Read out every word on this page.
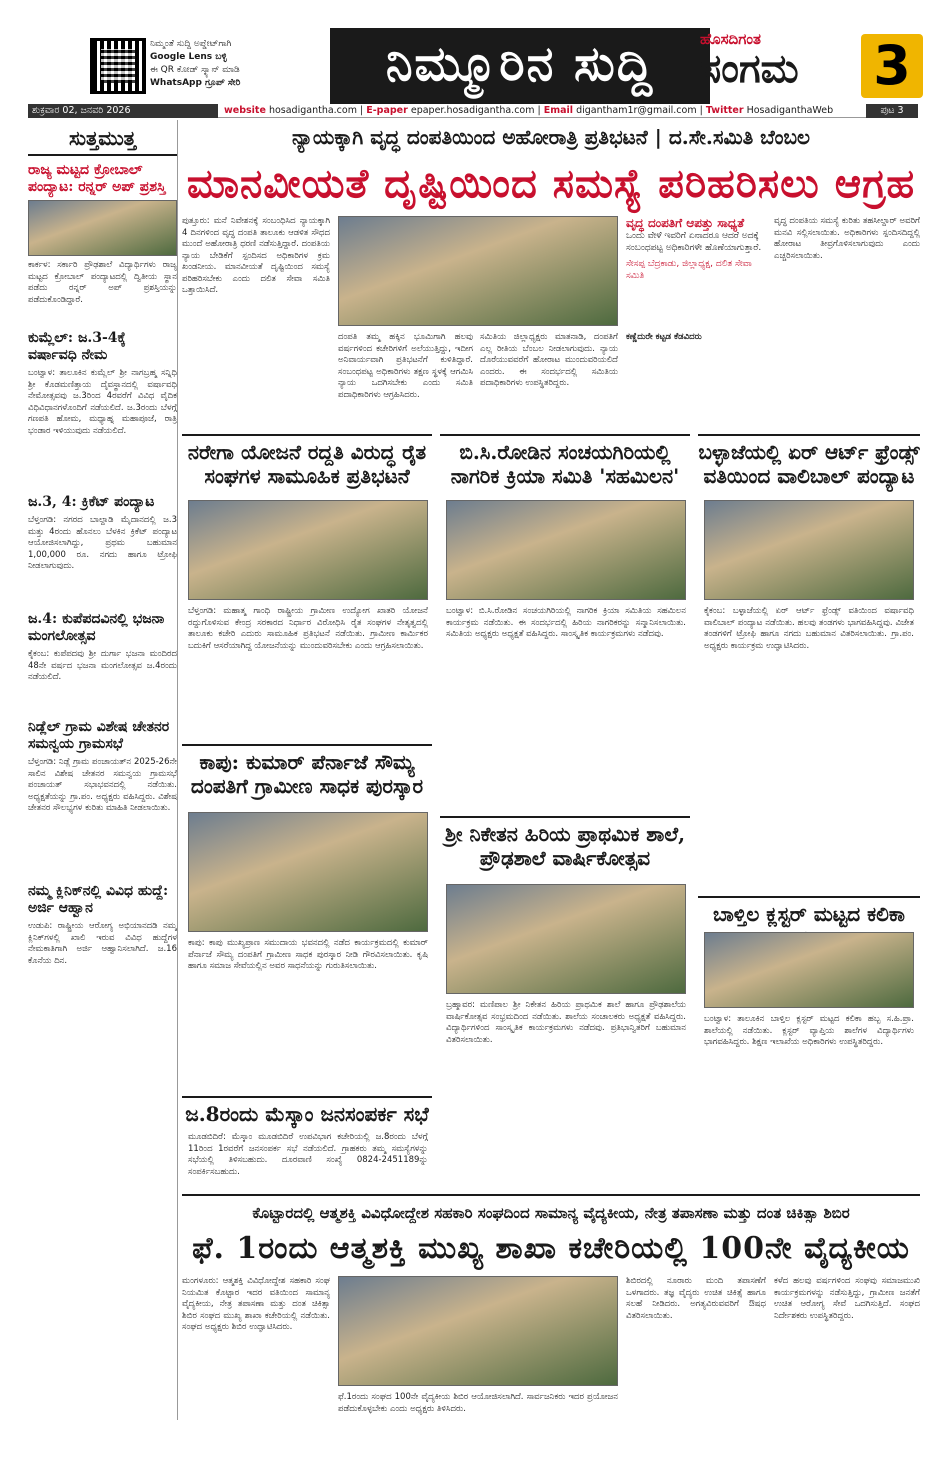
ನಿಮ್ಮಂತೆ ಸುದ್ದಿ ಅಪ್ಡೇಟ್‌ಗಾಗಿ
Google Lens ಬಳ್ಳಿ
ಈ QR ಕೋಡ್ ಸ್ಕ್ಯಾನ್ ಮಾಡಿ
WhatsApp ಗ್ರೂಪ್ ಸೇರಿ	ನಿಮ್ಮೂರಿನ ಸುದ್ದಿ	ಹೊಸದಿಗಂತ
ಸಂಗಮ	3
ಶುಕ್ರವಾರ 02, ಜನವರಿ 2026	website hosadigantha.com | E-paper epaper.hosadigantha.com | Email digantham1r@gmail.com | Twitter HosadiganthaWeb	ಪುಟ 3
ಸುತ್ತಮುತ್ತ
ರಾಜ್ಯ ಮಟ್ಟದ ಕ್ರೋಬಾಲ್ ಪಂದ್ಯಾಟ: ರನ್ನರ್ ಅಪ್ ಪ್ರಶಸ್ತಿ
ಕಾರ್ಕಳ: ಸರ್ಕಾರಿ ಪ್ರೌಢಶಾಲೆ ವಿದ್ಯಾರ್ಥಿಗಳು ರಾಜ್ಯ ಮಟ್ಟದ ಕ್ರೋಬಾಲ್ ಪಂದ್ಯಾಟದಲ್ಲಿ ದ್ವಿತೀಯ ಸ್ಥಾನ ಪಡೆದು ರನ್ನರ್ ಅಪ್ ಪ್ರಶಸ್ತಿಯನ್ನು ಪಡೆದುಕೊಂಡಿದ್ದಾರೆ.
ಕುಮ್ಲೆಲ್: ಜ.3-4ಕ್ಕೆ ವರ್ಷಾವಧಿ ನೇಮ
ಬಂಟ್ವಾಳ: ತಾಲೂಕಿನ ಕುಮ್ಲೆಲ್ ಶ್ರೀ ನಾಗಬ್ರಹ್ಮ ಸನ್ನಿಧಿ ಶ್ರೀ ಕೊಡಮಣಿತ್ತಾಯ ದೈವಸ್ಥಾನದಲ್ಲಿ ವರ್ಷಾವಧಿ ನೇಮೋತ್ಸವವು ಜ.3ರಿಂದ 4ರವರೆಗೆ ವಿವಿಧ ವೈದಿಕ ವಿಧಿವಿಧಾನಗಳೊಂದಿಗೆ ನಡೆಯಲಿದೆ. ಜ.3ರಂದು ಬೆಳಗ್ಗೆ ಗಣಪತಿ ಹೋಮ, ಮಧ್ಯಾಹ್ನ ಮಹಾಪೂಜೆ, ರಾತ್ರಿ ಭಂಡಾರ ಇಳಿಯುವುದು ನಡೆಯಲಿದೆ.
ಜ.3, 4: ಕ್ರಿಕೆಟ್ ಪಂದ್ಯಾಟ
ಬೆಳ್ತಂಗಡಿ: ನಗರದ ಬಾಲ್ದಾಡಿ ಮೈದಾನದಲ್ಲಿ ಜ.3 ಮತ್ತು 4ರಂದು ಹೊನಲು ಬೆಳಕಿನ ಕ್ರಿಕೆಟ್ ಪಂದ್ಯಾಟ ಆಯೋಜಿಸಲಾಗಿದ್ದು, ಪ್ರಥಮ ಬಹುಮಾನ 1,00,000 ರೂ. ನಗದು ಹಾಗೂ ಟ್ರೋಫಿ ನೀಡಲಾಗುವುದು.
ಜ.4: ಕುಪೆಪದವಿನಲ್ಲಿ ಭಜನಾ ಮಂಗಲೋತ್ಸವ
ಕೈಕಂಬ: ಕುಪೆಪದವು ಶ್ರೀ ದುರ್ಗಾ ಭಜನಾ ಮಂದಿರದ 48ನೇ ವರ್ಷದ ಭಜನಾ ಮಂಗಲೋತ್ಸವ ಜ.4ರಂದು ನಡೆಯಲಿದೆ.
ನಿಡ್ಲೆಲ್ ಗ್ರಾಮ ವಿಶೇಷ ಚೇತನರ ಸಮನ್ವಯ ಗ್ರಾಮಸಭೆ
ಬೆಳ್ತಂಗಡಿ: ನಿಡ್ಲೆ ಗ್ರಾಮ ಪಂಚಾಯತ್‌ನ 2025-26ನೇ ಸಾಲಿನ ವಿಶೇಷ ಚೇತನರ ಸಮನ್ವಯ ಗ್ರಾಮಸಭೆ ಪಂಚಾಯತ್ ಸಭಾಭವನದಲ್ಲಿ ನಡೆಯಿತು. ಅಧ್ಯಕ್ಷತೆಯನ್ನು ಗ್ರಾ.ಪಂ. ಅಧ್ಯಕ್ಷರು ವಹಿಸಿದ್ದರು. ವಿಶೇಷ ಚೇತನರ ಸೌಲಭ್ಯಗಳ ಕುರಿತು ಮಾಹಿತಿ ನೀಡಲಾಯಿತು.
ನಮ್ಮ ಕ್ಲಿನಿಕ್‌ನಲ್ಲಿ ವಿವಿಧ ಹುದ್ದೆ: ಅರ್ಜಿ ಆಹ್ವಾನ
ಉಡುಪಿ: ರಾಷ್ಟ್ರೀಯ ಆರೋಗ್ಯ ಅಭಿಯಾನದಡಿ ನಮ್ಮ ಕ್ಲಿನಿಕ್‌ಗಳಲ್ಲಿ ಖಾಲಿ ಇರುವ ವಿವಿಧ ಹುದ್ದೆಗಳ ನೇಮಕಾತಿಗಾಗಿ ಅರ್ಜಿ ಆಹ್ವಾನಿಸಲಾಗಿದೆ. ಜ.16 ಕೊನೆಯ ದಿನ.
ನ್ಯಾಯಕ್ಕಾಗಿ ವೃದ್ಧ ದಂಪತಿಯಿಂದ ಅಹೋರಾತ್ರಿ ಪ್ರತಿಭಟನೆ | ದ.ಸೇ.ಸಮಿತಿ ಬೆಂಬಲ
ಮಾನವೀಯತೆ ದೃಷ್ಟಿಯಿಂದ ಸಮಸ್ಯೆ ಪರಿಹರಿಸಲು ಆಗ್ರಹ
ಪುತ್ತೂರು: ಮನೆ ನಿವೇಶನಕ್ಕೆ ಸಂಬಂಧಿಸಿದ ನ್ಯಾಯಕ್ಕಾಗಿ 4 ದಿನಗಳಿಂದ ವೃದ್ಧ ದಂಪತಿ ತಾಲೂಕು ಆಡಳಿತ ಸೌಧದ ಮುಂದೆ ಅಹೋರಾತ್ರಿ ಧರಣಿ ನಡೆಸುತ್ತಿದ್ದಾರೆ. ದಂಪತಿಯ ನ್ಯಾಯ ಬೇಡಿಕೆಗೆ ಸ್ಪಂದಿಸದ ಅಧಿಕಾರಿಗಳ ಕ್ರಮ ಖಂಡನೀಯ. ಮಾನವೀಯತೆ ದೃಷ್ಟಿಯಿಂದ ಸಮಸ್ಯೆ ಪರಿಹರಿಸಬೇಕು ಎಂದು ದಲಿತ ಸೇವಾ ಸಮಿತಿ ಒತ್ತಾಯಿಸಿದೆ.
ವೃದ್ಧ ದಂಪತಿಗೆ ಆಪತ್ತು ಸಾಧ್ಯತೆ
ಒಂದು ವೇಳೆ ಇವರಿಗೆ ಏನಾದರೂ ಆದರೆ ಅದಕ್ಕೆ ಸಂಬಂಧಪಟ್ಟ ಅಧಿಕಾರಿಗಳೇ ಹೊಣೆಯಾಗುತ್ತಾರೆ.
ಸೇಸಪ್ಪ ಬೆದ್ರಕಾಡು, ಜಿಲ್ಲಾಧ್ಯಕ್ಷ, ದಲಿತ ಸೇವಾ ಸಮಿತಿ
ವೃದ್ಧ ದಂಪತಿಯ ಸಮಸ್ಯೆ ಕುರಿತು ತಹಸೀಲ್ದಾರ್ ಅವರಿಗೆ ಮನವಿ ಸಲ್ಲಿಸಲಾಯಿತು. ಅಧಿಕಾರಿಗಳು ಸ್ಪಂದಿಸದಿದ್ದಲ್ಲಿ ಹೋರಾಟ ತೀವ್ರಗೊಳಿಸಲಾಗುವುದು ಎಂದು ಎಚ್ಚರಿಸಲಾಯಿತು.
ದಂಪತಿ ತಮ್ಮ ಹಕ್ಕಿನ ಭೂಮಿಗಾಗಿ ಹಲವು ವರ್ಷಗಳಿಂದ ಕಚೇರಿಗಳಿಗೆ ಅಲೆಯುತ್ತಿದ್ದು, ಇದೀಗ ಅನಿವಾರ್ಯವಾಗಿ ಪ್ರತಿಭಟನೆಗೆ ಕುಳಿತಿದ್ದಾರೆ. ಸಂಬಂಧಪಟ್ಟ ಅಧಿಕಾರಿಗಳು ತಕ್ಷಣ ಸ್ಥಳಕ್ಕೆ ಆಗಮಿಸಿ ನ್ಯಾಯ ಒದಗಿಸಬೇಕು ಎಂದು ಸಮಿತಿ ಪದಾಧಿಕಾರಿಗಳು ಆಗ್ರಹಿಸಿದರು.
ಸಮಿತಿಯ ಜಿಲ್ಲಾಧ್ಯಕ್ಷರು ಮಾತನಾಡಿ, ದಂಪತಿಗೆ ಎಲ್ಲ ರೀತಿಯ ಬೆಂಬಲ ನೀಡಲಾಗುವುದು. ನ್ಯಾಯ ದೊರೆಯುವವರೆಗೆ ಹೋರಾಟ ಮುಂದುವರಿಯಲಿದೆ ಎಂದರು. ಈ ಸಂದರ್ಭದಲ್ಲಿ ಸಮಿತಿಯ ಪದಾಧಿಕಾರಿಗಳು ಉಪಸ್ಥಿತರಿದ್ದರು.
ಕಣ್ಣೆದುರೇ ಕಟ್ಟಡ ಕೆಡವಿದರು
ನರೇಗಾ ಯೋಜನೆ ರದ್ದತಿ ವಿರುದ್ಧ ರೈತ ಸಂಘಗಳ ಸಾಮೂಹಿಕ ಪ್ರತಿಭಟನೆ
ಬೆಳ್ತಂಗಡಿ: ಮಹಾತ್ಮ ಗಾಂಧಿ ರಾಷ್ಟ್ರೀಯ ಗ್ರಾಮೀಣ ಉದ್ಯೋಗ ಖಾತರಿ ಯೋಜನೆ ರದ್ದುಗೊಳಿಸುವ ಕೇಂದ್ರ ಸರಕಾರದ ನಿರ್ಧಾರ ವಿರೋಧಿಸಿ ರೈತ ಸಂಘಗಳ ನೇತೃತ್ವದಲ್ಲಿ ತಾಲೂಕು ಕಚೇರಿ ಎದುರು ಸಾಮೂಹಿಕ ಪ್ರತಿಭಟನೆ ನಡೆಯಿತು. ಗ್ರಾಮೀಣ ಕಾರ್ಮಿಕರ ಬದುಕಿಗೆ ಆಸರೆಯಾಗಿದ್ದ ಯೋಜನೆಯನ್ನು ಮುಂದುವರಿಸಬೇಕು ಎಂದು ಆಗ್ರಹಿಸಲಾಯಿತು.
ಬಿ.ಸಿ.ರೋಡಿನ ಸಂಚಯಗಿರಿಯಲ್ಲಿ ನಾಗರಿಕ ಕ್ರಿಯಾ ಸಮಿತಿ 'ಸಹಮಿಲನ'
ಬಂಟ್ವಾಳ: ಬಿ.ಸಿ.ರೋಡಿನ ಸಂಚಯಗಿರಿಯಲ್ಲಿ ನಾಗರಿಕ ಕ್ರಿಯಾ ಸಮಿತಿಯ ಸಹಮಿಲನ ಕಾರ್ಯಕ್ರಮ ನಡೆಯಿತು. ಈ ಸಂದರ್ಭದಲ್ಲಿ ಹಿರಿಯ ನಾಗರಿಕರನ್ನು ಸನ್ಮಾನಿಸಲಾಯಿತು. ಸಮಿತಿಯ ಅಧ್ಯಕ್ಷರು ಅಧ್ಯಕ್ಷತೆ ವಹಿಸಿದ್ದರು. ಸಾಂಸ್ಕೃತಿಕ ಕಾರ್ಯಕ್ರಮಗಳು ನಡೆದವು.
ಬಳ್ಳಾಜೆಯಲ್ಲಿ ಏರ್ ಆರ್ಟ್ ಫ್ರೆಂಡ್ಸ್ ವತಿಯಿಂದ ವಾಲಿಬಾಲ್ ಪಂದ್ಯಾಟ
ಕೈಕಂಬ: ಬಳ್ಳಾಜೆಯಲ್ಲಿ ಏರ್ ಆರ್ಟ್ ಫ್ರೆಂಡ್ಸ್ ವತಿಯಿಂದ ವರ್ಷಾವಧಿ ವಾಲಿಬಾಲ್ ಪಂದ್ಯಾಟ ನಡೆಯಿತು. ಹಲವು ತಂಡಗಳು ಭಾಗವಹಿಸಿದ್ದವು. ವಿಜೇತ ತಂಡಗಳಿಗೆ ಟ್ರೋಫಿ ಹಾಗೂ ನಗದು ಬಹುಮಾನ ವಿತರಿಸಲಾಯಿತು. ಗ್ರಾ.ಪಂ. ಅಧ್ಯಕ್ಷರು ಕಾರ್ಯಕ್ರಮ ಉದ್ಘಾಟಿಸಿದರು.
ಕಾಪು: ಕುಮಾರ್ ಪೆರ್ನಾಜೆ ಸೌಮ್ಯ ದಂಪತಿಗೆ ಗ್ರಾಮೀಣ ಸಾಧಕ ಪುರಸ್ಕಾರ
ಕಾಪು: ಕಾಪು ಮುಖ್ಯಪ್ರಾಣ ಸಮುದಾಯ ಭವನದಲ್ಲಿ ನಡೆದ ಕಾರ್ಯಕ್ರಮದಲ್ಲಿ ಕುಮಾರ್ ಪೆರ್ನಾಜೆ ಸೌಮ್ಯ ದಂಪತಿಗೆ ಗ್ರಾಮೀಣ ಸಾಧಕ ಪುರಸ್ಕಾರ ನೀಡಿ ಗೌರವಿಸಲಾಯಿತು. ಕೃಷಿ ಹಾಗೂ ಸಮಾಜ ಸೇವೆಯಲ್ಲಿನ ಅವರ ಸಾಧನೆಯನ್ನು ಗುರುತಿಸಲಾಯಿತು.
ಶ್ರೀ ನಿಕೇತನ ಹಿರಿಯ ಪ್ರಾಥಮಿಕ ಶಾಲೆ, ಪ್ರೌಢಶಾಲೆ ವಾರ್ಷಿಕೋತ್ಸವ
ಬ್ರಹ್ಮಾವರ: ಮಣಿಪಾಲ ಶ್ರೀ ನಿಕೇತನ ಹಿರಿಯ ಪ್ರಾಥಮಿಕ ಶಾಲೆ ಹಾಗೂ ಪ್ರೌಢಶಾಲೆಯ ವಾರ್ಷಿಕೋತ್ಸವ ಸಂಭ್ರಮದಿಂದ ನಡೆಯಿತು. ಶಾಲೆಯ ಸಂಚಾಲಕರು ಅಧ್ಯಕ್ಷತೆ ವಹಿಸಿದ್ದರು. ವಿದ್ಯಾರ್ಥಿಗಳಿಂದ ಸಾಂಸ್ಕೃತಿಕ ಕಾರ್ಯಕ್ರಮಗಳು ನಡೆದವು. ಪ್ರತಿಭಾನ್ವಿತರಿಗೆ ಬಹುಮಾನ ವಿತರಿಸಲಾಯಿತು.
ಬಾಳ್ತಿಲ ಕ್ಲಸ್ಟರ್ ಮಟ್ಟದ ಕಲಿಕಾ
ಬಂಟ್ವಾಳ: ತಾಲೂಕಿನ ಬಾಳ್ತಿಲ ಕ್ಲಸ್ಟರ್ ಮಟ್ಟದ ಕಲಿಕಾ ಹಬ್ಬ ಸ.ಹಿ.ಪ್ರಾ. ಶಾಲೆಯಲ್ಲಿ ನಡೆಯಿತು. ಕ್ಲಸ್ಟರ್ ವ್ಯಾಪ್ತಿಯ ಶಾಲೆಗಳ ವಿದ್ಯಾರ್ಥಿಗಳು ಭಾಗವಹಿಸಿದ್ದರು. ಶಿಕ್ಷಣ ಇಲಾಖೆಯ ಅಧಿಕಾರಿಗಳು ಉಪಸ್ಥಿತರಿದ್ದರು.
ಜ.8ರಂದು ಮೆಸ್ಕಾಂ ಜನಸಂಪರ್ಕ ಸಭೆ
ಮೂಡಬಿದಿರೆ: ಮೆಸ್ಕಾಂ ಮೂಡಬಿದಿರೆ ಉಪವಿಭಾಗ ಕಚೇರಿಯಲ್ಲಿ ಜ.8ರಂದು ಬೆಳಗ್ಗೆ 11ರಿಂದ 1ರವರೆಗೆ ಜನಸಂಪರ್ಕ ಸಭೆ ನಡೆಯಲಿದೆ. ಗ್ರಾಹಕರು ತಮ್ಮ ಸಮಸ್ಯೆಗಳನ್ನು ಸಭೆಯಲ್ಲಿ ತಿಳಿಸಬಹುದು. ದೂರವಾಣಿ ಸಂಖ್ಯೆ 0824-2451189ನ್ನು ಸಂಪರ್ಕಿಸಬಹುದು.
ಕೊಟ್ಟಾರದಲ್ಲಿ ಆತ್ಮಶಕ್ತಿ ವಿವಿಧೋದ್ದೇಶ ಸಹಕಾರಿ ಸಂಘದಿಂದ ಸಾಮಾನ್ಯ ವೈದ್ಯಕೀಯ, ನೇತ್ರ ತಪಾಸಣಾ ಮತ್ತು ದಂತ ಚಿಕಿತ್ಸಾ ಶಿಬಿರ
ಫೆ. 1ರಂದು ಆತ್ಮಶಕ್ತಿ ಮುಖ್ಯ ಶಾಖಾ ಕಚೇರಿಯಲ್ಲಿ 100ನೇ ವೈದ್ಯಕೀಯ
ಮಂಗಳೂರು: ಆತ್ಮಶಕ್ತಿ ವಿವಿಧೋದ್ದೇಶ ಸಹಕಾರಿ ಸಂಘ ನಿಯಮಿತ ಕೊಟ್ಟಾರ ಇದರ ವತಿಯಿಂದ ಸಾಮಾನ್ಯ ವೈದ್ಯಕೀಯ, ನೇತ್ರ ತಪಾಸಣಾ ಮತ್ತು ದಂತ ಚಿಕಿತ್ಸಾ ಶಿಬಿರ ಸಂಘದ ಮುಖ್ಯ ಶಾಖಾ ಕಚೇರಿಯಲ್ಲಿ ನಡೆಯಿತು. ಸಂಘದ ಅಧ್ಯಕ್ಷರು ಶಿಬಿರ ಉದ್ಘಾಟಿಸಿದರು.
ಫೆ.1ರಂದು ಸಂಘದ 100ನೇ ವೈದ್ಯಕೀಯ ಶಿಬಿರ ಆಯೋಜಿಸಲಾಗಿದೆ. ಸಾರ್ವಜನಿಕರು ಇದರ ಪ್ರಯೋಜನ ಪಡೆದುಕೊಳ್ಳಬೇಕು ಎಂದು ಅಧ್ಯಕ್ಷರು ತಿಳಿಸಿದರು.
ಶಿಬಿರದಲ್ಲಿ ನೂರಾರು ಮಂದಿ ತಪಾಸಣೆಗೆ ಒಳಗಾದರು. ತಜ್ಞ ವೈದ್ಯರು ಉಚಿತ ಚಿಕಿತ್ಸೆ ಹಾಗೂ ಸಲಹೆ ನೀಡಿದರು. ಅಗತ್ಯವಿರುವವರಿಗೆ ಔಷಧ ವಿತರಿಸಲಾಯಿತು.
ಕಳೆದ ಹಲವು ವರ್ಷಗಳಿಂದ ಸಂಘವು ಸಮಾಜಮುಖಿ ಕಾರ್ಯಕ್ರಮಗಳನ್ನು ನಡೆಸುತ್ತಿದ್ದು, ಗ್ರಾಮೀಣ ಜನತೆಗೆ ಉಚಿತ ಆರೋಗ್ಯ ಸೇವೆ ಒದಗಿಸುತ್ತಿದೆ. ಸಂಘದ ನಿರ್ದೇಶಕರು ಉಪಸ್ಥಿತರಿದ್ದರು.
